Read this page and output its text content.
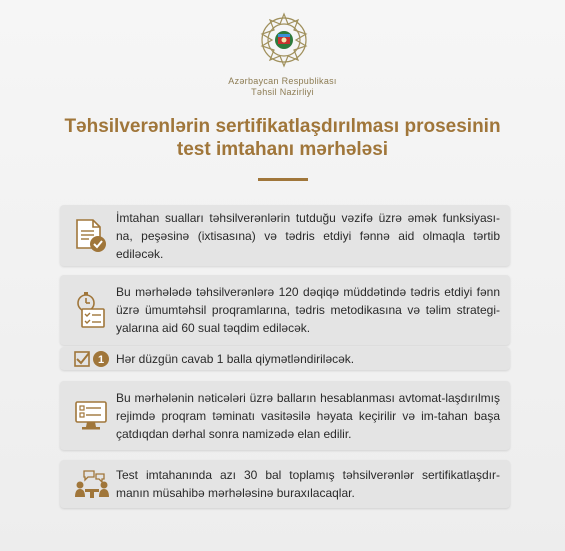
Azərbaycan Respublikası
Təhsil Nazirliyi
Təhsilverənlərin sertifikatlaşdırılması prosesinin
test imtahanı mərhələsi
İmtahan sualları təhsilverənlərin tutduğu vəzifə üzrə əmək funksiyası-na, peşəsinə (ixtisasına) və tədris etdiyi fənnə aid olmaqla tərtib ediləcək.
Bu mərhələdə təhsilverənlərə 120 dəqiqə müddətində tədris etdiyi fənn üzrə ümumtəhsil proqramlarına, tədris metodikasına və təlim strategi-yalarına aid 60 sual təqdim ediləcək.
1 Hər düzgün cavab 1 balla qiymətləndiriləcək.
Bu mərhələnin nəticələri üzrə balların hesablanması avtomat-laşdırılmış rejimdə proqram təminatı vasitəsilə həyata keçirilir və im-tahan başa çatdıqdan dərhal sonra namizədə elan edilir.
Test imtahanında azı 30 bal toplamış təhsilverənlər sertifikatlaşdır-manın müsahibə mərhələsinə buraxılacaqlar.
